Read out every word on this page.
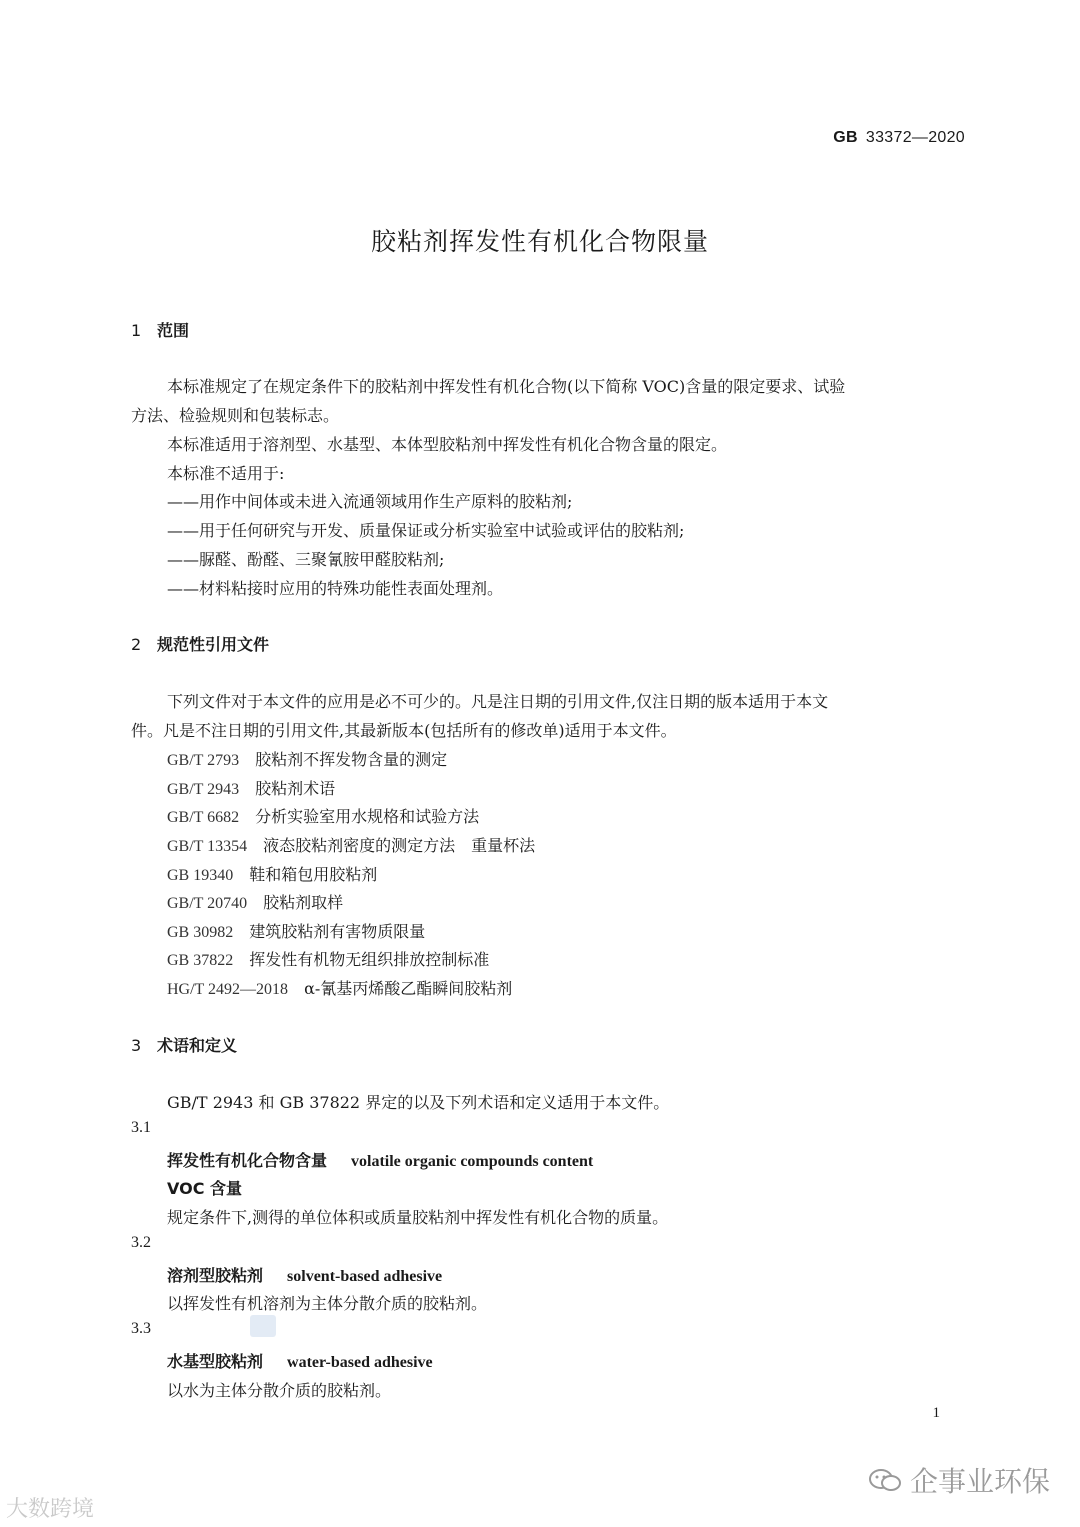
GB 33372—2020
胶粘剂挥发性有机化合物限量
1 范围
本标准规定了在规定条件下的胶粘剂中挥发性有机化合物(以下简称 VOC)含量的限定要求、试验
方法、检验规则和包装标志。
本标准适用于溶剂型、水基型、本体型胶粘剂中挥发性有机化合物含量的限定。
本标准不适用于:
——用作中间体或未进入流通领域用作生产原料的胶粘剂;
——用于任何研究与开发、质量保证或分析实验室中试验或评估的胶粘剂;
——脲醛、酚醛、三聚氰胺甲醛胶粘剂;
——材料粘接时应用的特殊功能性表面处理剂。
2 规范性引用文件
下列文件对于本文件的应用是必不可少的。凡是注日期的引用文件,仅注日期的版本适用于本文
件。凡是不注日期的引用文件,其最新版本(包括所有的修改单)适用于本文件。
GB/T 2793　 胶粘剂不挥发物含量的测定
GB/T 2943　 胶粘剂术语
GB/T 6682　 分析实验室用水规格和试验方法
GB/T 13354　 液态胶粘剂密度的测定方法　重量杯法
GB 19340　 鞋和箱包用胶粘剂
GB/T 20740　 胶粘剂取样
GB 30982　 建筑胶粘剂有害物质限量
GB 37822　 挥发性有机物无组织排放控制标准
HG/T 2492—2018　 α-氰基丙烯酸乙酯瞬间胶粘剂
3 术语和定义
GB/T 2943 和 GB 37822 界定的以及下列术语和定义适用于本文件。
3.1
挥发性有机化合物含量 volatile organic compounds content
VOC 含量
规定条件下,测得的单位体积或质量胶粘剂中挥发性有机化合物的质量。
3.2
溶剂型胶粘剂 solvent-based adhesive
以挥发性有机溶剂为主体分散介质的胶粘剂。
3.3
水基型胶粘剂 water-based adhesive
以水为主体分散介质的胶粘剂。
1
大数跨境
企事业环保
